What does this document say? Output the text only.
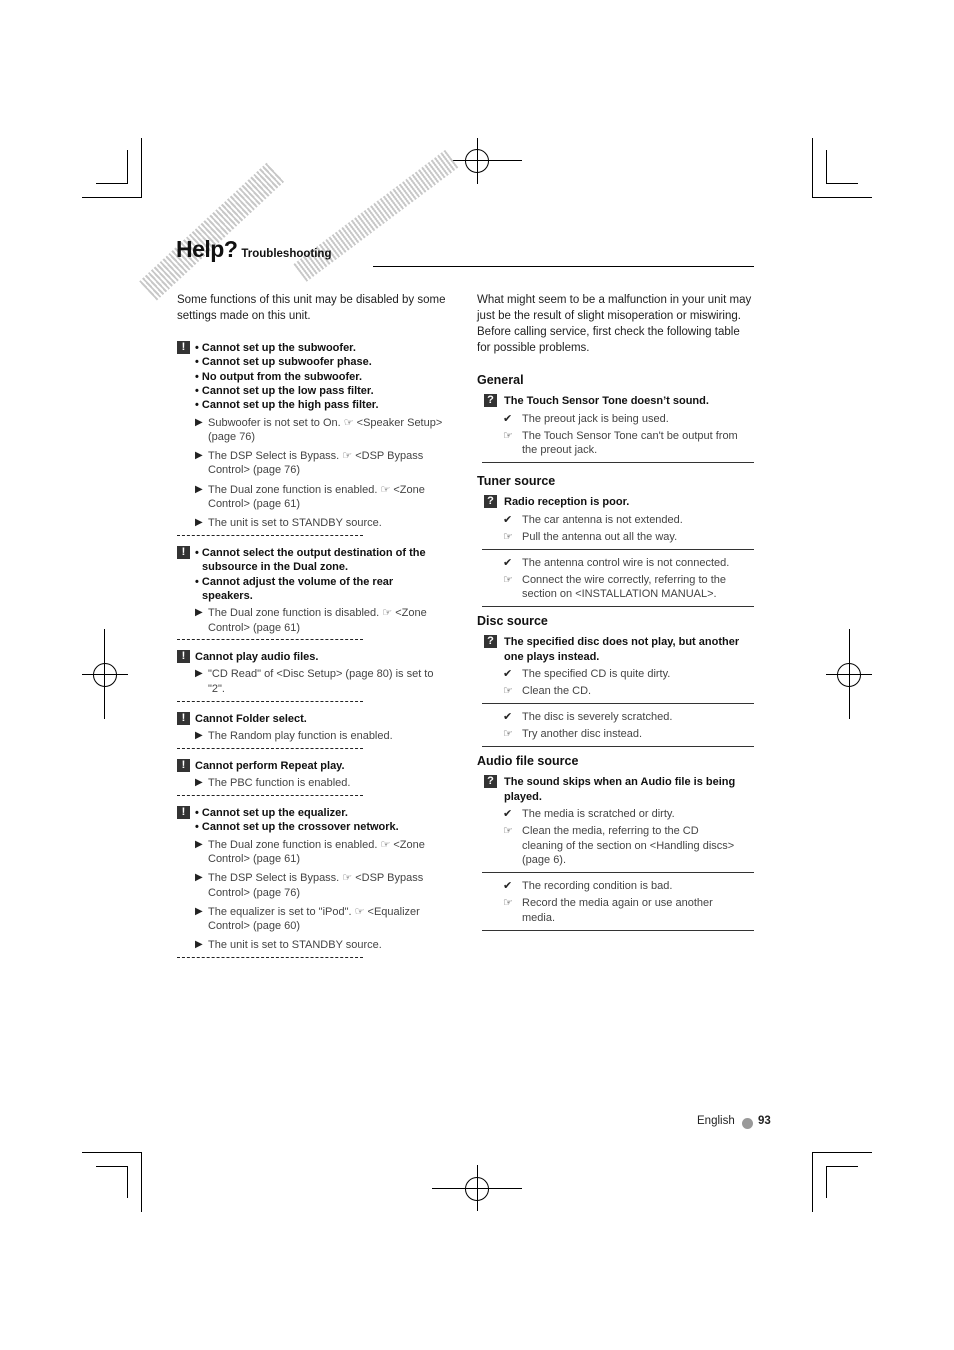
Help? Troubleshooting

Some functions of this unit may be disabled by some settings made on this unit.

! • Cannot set up the subwoofer.
• Cannot set up subwoofer phase.
• No output from the subwoofer.
• Cannot set up the low pass filter.
• Cannot set up the high pass filter.
▶ Subwoofer is not set to On. ☞ <Speaker Setup>
(page 76)
▶ The DSP Select is Bypass. ☞ <DSP Bypass
Control> (page 76)
▶ The Dual zone function is enabled. ☞ <Zone
Control> (page 61)
▶ The unit is set to STANDBY source.
! • Cannot select the output destination of the
subsource in the Dual zone.
• Cannot adjust the volume of the rear
speakers.
▶ The Dual zone function is disabled. ☞ <Zone
Control> (page 61)
! Cannot play audio files.
▶ "CD Read" of <Disc Setup> (page 80) is set to
"2".
! Cannot Folder select.
▶ The Random play function is enabled.
! Cannot perform Repeat play.
▶ The PBC function is enabled.
! • Cannot set up the equalizer.
• Cannot set up the crossover network.
▶ The Dual zone function is enabled. ☞ <Zone
Control> (page 61)
▶ The DSP Select is Bypass. ☞ <DSP Bypass
Control> (page 76)
▶ The equalizer is set to "iPod". ☞ <Equalizer
Control> (page 60)
▶ The unit is set to STANDBY source.

What might seem to be a malfunction in your unit may just be the result of slight misoperation or miswiring. Before calling service, first check the following table for possible problems.

General
? The Touch Sensor Tone doesn’t sound.
✔ The preout jack is being used.
☞ The Touch Sensor Tone can't be output from
the preout jack.
Tuner source
? Radio reception is poor.
✔ The car antenna is not extended.
☞ Pull the antenna out all the way.
✔ The antenna control wire is not connected.
☞ Connect the wire correctly, referring to the
section on <INSTALLATION MANUAL>.
Disc source
? The specified disc does not play, but another
one plays instead.
✔ The specified CD is quite dirty.
☞ Clean the CD.
✔ The disc is severely scratched.
☞ Try another disc instead.
Audio file source
? The sound skips when an Audio file is being
played.
✔ The media is scratched or dirty.
☞ Clean the media, referring to the CD
cleaning of the section on <Handling discs>
(page 6).
✔ The recording condition is bad.
☞ Record the media again or use another
media.
English 93
